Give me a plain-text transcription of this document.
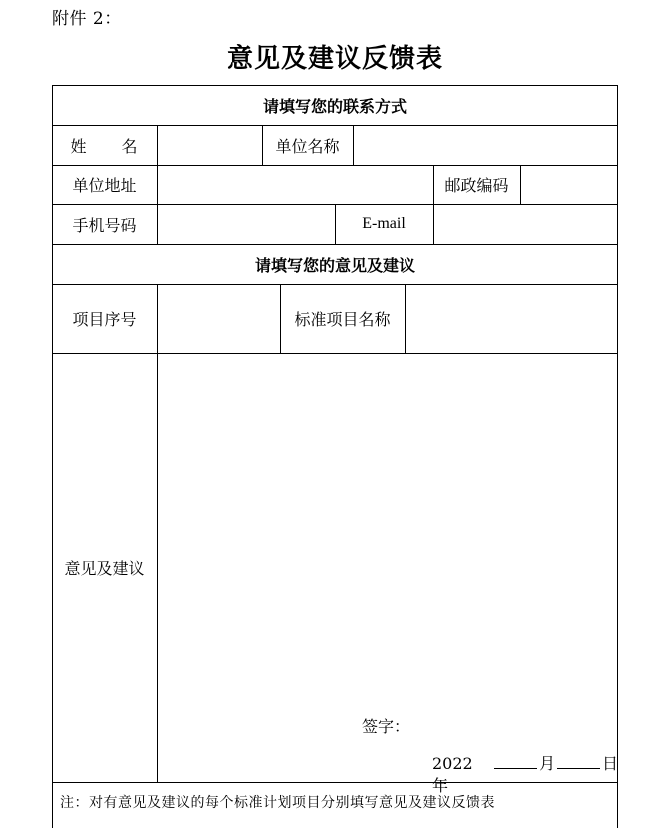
附件 2：
意见及建议反馈表
请填写您的联系方式
姓　　名	单位名称
单位地址	邮政编码
手机号码	E-mail
请填写您的意见及建议
项目序号	标准项目名称
意见及建议
签字：
2022 年
月	日
注：对有意见及建议的每个标准计划项目分别填写意见及建议反馈表
